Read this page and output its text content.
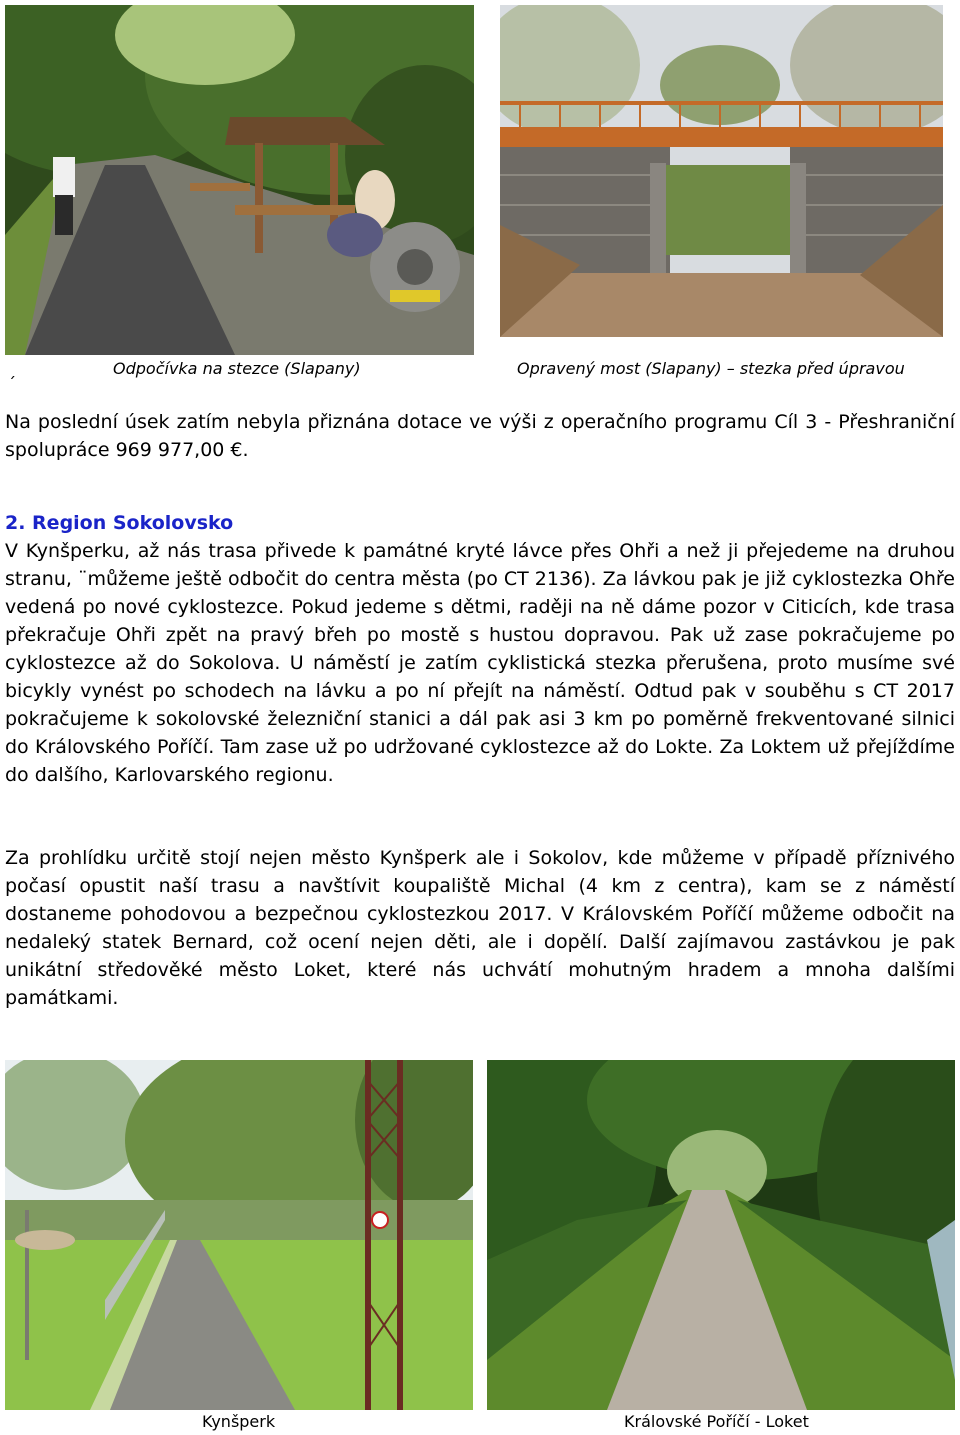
´
Odpočívka na stezce (Slapany)	Opravený most (Slapany) – stezka před úpravou

Na poslední úsek zatím nebyla přiznána dotace ve výši z operačního programu Cíl 3 - Přeshraniční spolupráce 969 977,00 €.

2. Region Sokolovsko

V Kynšperku, až nás trasa přivede k památné kryté lávce přes Ohři a než ji přejedeme na druhou stranu, ¨můžeme ještě odbočit do centra města (po CT 2136). Za lávkou pak je již cyklostezka Ohře vedená po nové cyklostezce. Pokud jedeme s dětmi, raději na ně dáme pozor v Citicích, kde trasa překračuje Ohři zpět na pravý břeh po mostě s hustou dopravou. Pak už zase pokračujeme po cyklostezce až do Sokolova. U náměstí je zatím cyklistická stezka přerušena, proto musíme své bicykly vynést po schodech na lávku a po ní přejít na náměstí. Odtud pak v souběhu s CT 2017 pokračujeme k sokolovské železniční stanici a dál pak asi 3 km po poměrně frekventované silnici do Královského Poříčí. Tam zase už po udržované cyklostezce až do Lokte. Za Loktem už přejíždíme do dalšího, Karlovarského regionu.

Za prohlídku určitě stojí nejen město Kynšperk ale i Sokolov, kde můžeme v případě příznivého počasí opustit naší trasu a navštívit koupaliště Michal (4 km z centra), kam se z náměstí dostaneme pohodovou a bezpečnou cyklostezkou 2017. V Královském Poříčí můžeme odbočit na nedaleký statek Bernard, což ocení nejen děti, ale i dopělí. Další zajímavou zastávkou je pak unikátní středověké město Loket, které nás uchvátí mohutným hradem a mnoha dalšími památkami.

Kynšperk	Královské Poříčí - Loket
